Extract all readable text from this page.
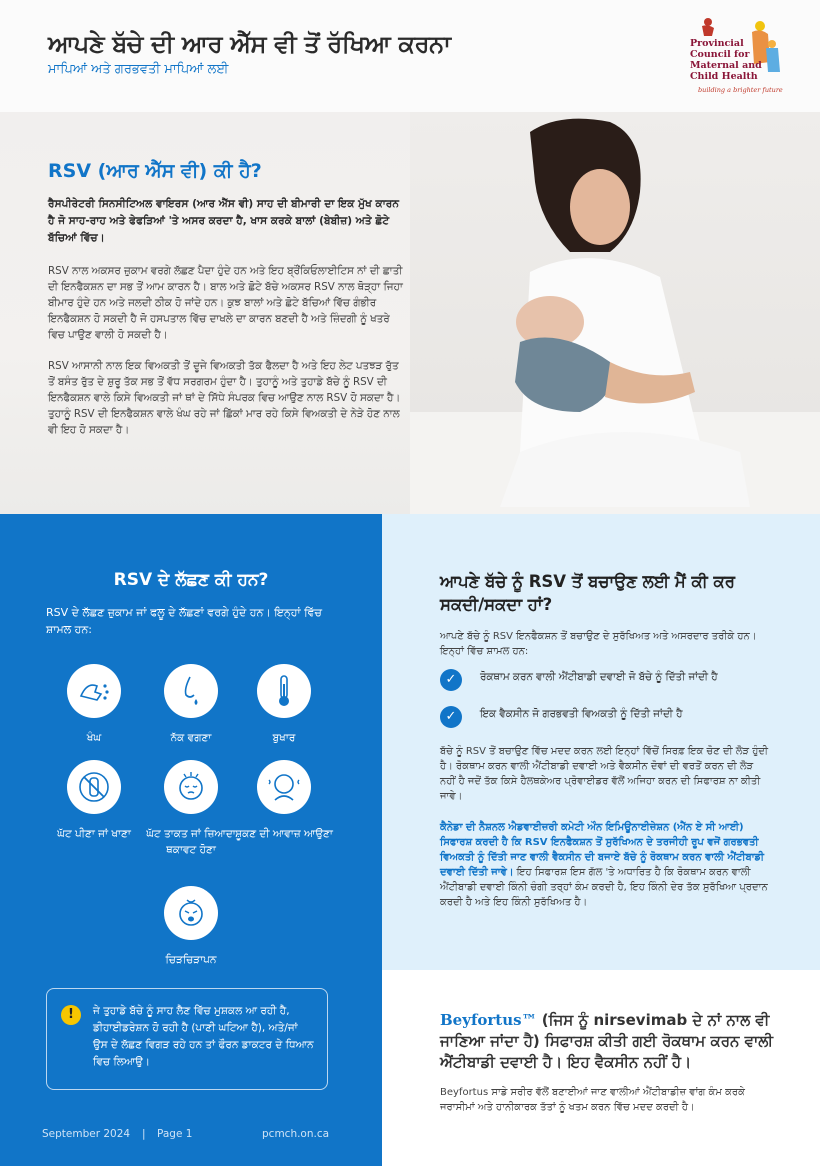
ਆਪਣੇ ਬੱਚੇ ਦੀ ਆਰ ਐੱਸ ਵੀ ਤੋਂ ਰੱਖਿਆ ਕਰਨਾ
ਮਾਪਿਆਂ ਅਤੇ ਗਰਭਵਤੀ ਮਾਪਿਆਂ ਲਈ
Provincial
Council for
Maternal and
Child Health
building a brighter future
RSV (ਆਰ ਐੱਸ ਵੀ) ਕੀ ਹੈ?

ਰੈਸਪੀਰੇਟਰੀ ਸਿਨਸੀਟਿਅਲ ਵਾਇਰਸ (ਆਰ ਐੱਸ ਵੀ) ਸਾਹ ਦੀ ਬੀਮਾਰੀ ਦਾ ਇਕ ਮੁੱਖ ਕਾਰਨ ਹੈ ਜੋ ਸਾਹ-ਰਾਹ ਅਤੇ ਫੇਫੜਿਆਂ 'ਤੇ ਅਸਰ ਕਰਦਾ ਹੈ, ਖਾਸ ਕਰਕੇ ਬਾਲਾਂ (ਬੇਬੀਜ਼) ਅਤੇ ਛੋਟੇ ਬੱਚਿਆਂ ਵਿੱਚ।

RSV ਨਾਲ ਅਕਸਰ ਜ਼ੁਕਾਮ ਵਰਗੇ ਲੱਛਣ ਪੈਦਾ ਹੁੰਦੇ ਹਨ ਅਤੇ ਇਹ ਬ੍ਰੌਂਕਿਓਲਾਈਟਿਸ ਨਾਂ ਦੀ ਛਾਤੀ ਦੀ ਇਨਫੈਕਸ਼ਨ ਦਾ ਸਭ ਤੋਂ ਆਮ ਕਾਰਨ ਹੈ। ਬਾਲ ਅਤੇ ਛੋਟੇ ਬੱਚੇ ਅਕਸਰ RSV ਨਾਲ ਥੋੜ੍ਹਾ ਜਿਹਾ ਬੀਮਾਰ ਹੁੰਦੇ ਹਨ ਅਤੇ ਜਲਦੀ ਠੀਕ ਹੋ ਜਾਂਦੇ ਹਨ। ਕੁਝ ਬਾਲਾਂ ਅਤੇ ਛੋਟੇ ਬੱਚਿਆਂ ਵਿੱਚ ਗੰਭੀਰ ਇਨਫੈਕਸ਼ਨ ਹੋ ਸਕਦੀ ਹੈ ਜੋ ਹਸਪਤਾਲ ਵਿੱਚ ਦਾਖਲੇ ਦਾ ਕਾਰਨ ਬਣਦੀ ਹੈ ਅਤੇ ਜ਼ਿੰਦਗੀ ਨੂੰ ਖਤਰੇ ਵਿਚ ਪਾਉਣ ਵਾਲੀ ਹੋ ਸਕਦੀ ਹੈ।

RSV ਆਸਾਨੀ ਨਾਲ ਇਕ ਵਿਅਕਤੀ ਤੋਂ ਦੂਜੇ ਵਿਅਕਤੀ ਤੱਕ ਫੈਲਦਾ ਹੈ ਅਤੇ ਇਹ ਲੇਟ ਪਤਝੜ ਰੁੱਤ ਤੋਂ ਬਸੰਤ ਰੁੱਤ ਦੇ ਸ਼ੁਰੂ ਤੱਕ ਸਭ ਤੋਂ ਵੱਧ ਸਰਗਰਮ ਹੁੰਦਾ ਹੈ। ਤੁਹਾਨੂੰ ਅਤੇ ਤੁਹਾਡੇ ਬੱਚੇ ਨੂੰ RSV ਦੀ ਇਨਫੈਕਸ਼ਨ ਵਾਲੇ ਕਿਸੇ ਵਿਅਕਤੀ ਜਾਂ ਥਾਂ ਦੇ ਸਿੱਧੇ ਸੰਪਰਕ ਵਿਚ ਆਉਣ ਨਾਲ RSV ਹੋ ਸਕਦਾ ਹੈ। ਤੁਹਾਨੂੰ RSV ਦੀ ਇਨਫੈਕਸ਼ਨ ਵਾਲੇ ਖੰਘ ਰਹੇ ਜਾਂ ਛਿੱਕਾਂ ਮਾਰ ਰਹੇ ਕਿਸੇ ਵਿਅਕਤੀ ਦੇ ਨੇੜੇ ਹੋਣ ਨਾਲ ਵੀ ਇਹ ਹੋ ਸਕਦਾ ਹੈ।

RSV ਦੇ ਲੱਛਣ ਕੀ ਹਨ?
RSV ਦੇ ਲੱਛਣ ਜ਼ੁਕਾਮ ਜਾਂ ਫਲੂ ਦੇ ਲੱਛਣਾਂ ਵਰਗੇ ਹੁੰਦੇ ਹਨ। ਇਨ੍ਹਾਂ ਵਿੱਚ ਸ਼ਾਮਲ ਹਨ:
ਖੰਘ	ਨੱਕ ਵਗਣਾ	ਬੁਖਾਰ
ਘੱਟ ਪੀਣਾ ਜਾਂ ਖਾਣਾ	ਘੱਟ ਤਾਕਤ ਜਾਂ ਜ਼ਿਆਦਾ ਥਕਾਵਟ ਹੋਣਾ
ਸ਼ੂਕਣ ਦੀ ਆਵਾਜ਼ ਆਉਣਾ
ਚਿੜਚਿੜਾਪਨ
!	ਜੇ ਤੁਹਾਡੇ ਬੱਚੇ ਨੂੰ ਸਾਹ ਲੈਣ ਵਿੱਚ ਮੁਸ਼ਕਲ ਆ ਰਹੀ ਹੈ, ਡੀਹਾਈਡਰੇਸ਼ਨ ਹੋ ਰਹੀ ਹੈ (ਪਾਣੀ ਘਟਿਆ ਹੈ), ਅਤੇ/ਜਾਂ ਉਸ ਦੇ ਲੱਛਣ ਵਿਗੜ ਰਹੇ ਹਨ ਤਾਂ ਫੌਰਨ ਡਾਕਟਰ ਦੇ ਧਿਆਨ ਵਿਚ ਲਿਆਉ।
September 2024 | Page 1	pcmch.on.ca
ਆਪਣੇ ਬੱਚੇ ਨੂੰ RSV ਤੋਂ ਬਚਾਉਣ ਲਈ ਮੈਂ ਕੀ ਕਰ ਸਕਦੀ/ਸਕਦਾ ਹਾਂ?
ਆਪਣੇ ਬੱਚੇ ਨੂੰ RSV ਇਨਫੈਕਸ਼ਨ ਤੋਂ ਬਚਾਉਣ ਦੇ ਸੁਰੱਖਿਅਤ ਅਤੇ ਅਸਰਦਾਰ ਤਰੀਕੇ ਹਨ। ਇਨ੍ਹਾਂ ਵਿੱਚ ਸ਼ਾਮਲ ਹਨ:
✓	ਰੋਕਥਾਮ ਕਰਨ ਵਾਲੀ ਐਂਟੀਬਾਡੀ ਦਵਾਈ ਜੋ ਬੱਚੇ ਨੂੰ ਦਿੱਤੀ ਜਾਂਦੀ ਹੈ
✓	ਇਕ ਵੈਕਸੀਨ ਜੋ ਗਰਭਵਤੀ ਵਿਅਕਤੀ ਨੂੰ ਦਿੱਤੀ ਜਾਂਦੀ ਹੈ
ਬੱਚੇ ਨੂੰ RSV ਤੋਂ ਬਚਾਉਣ ਵਿੱਚ ਮਦਦ ਕਰਨ ਲਈ ਇਨ੍ਹਾਂ ਵਿੱਚੋਂ ਸਿਰਫ਼ ਇਕ ਚੋਣ ਦੀ ਲੋੜ ਹੁੰਦੀ ਹੈ। ਰੋਕਥਾਮ ਕਰਨ ਵਾਲੀ ਐਂਟੀਬਾਡੀ ਦਵਾਈ ਅਤੇ ਵੈਕਸੀਨ ਦੋਵਾਂ ਦੀ ਵਰਤੋਂ ਕਰਨ ਦੀ ਲੋੜ ਨਹੀਂ ਹੈ ਜਦੋਂ ਤੱਕ ਕਿਸੇ ਹੈਲਥਕੇਅਰ ਪ੍ਰੋਵਾਈਡਰ ਵੱਲੋਂ ਅਜਿਹਾ ਕਰਨ ਦੀ ਸਿਫਾਰਸ਼ ਨਾ ਕੀਤੀ ਜਾਵੇ।
ਕੈਨੇਡਾ ਦੀ ਨੈਸ਼ਨਲ ਐਡਵਾਈਜ਼ਰੀ ਕਮੇਟੀ ਔਨ ਇਮਿਊਨਾਈਜ਼ੇਸ਼ਨ (ਐੱਨ ਏ ਸੀ ਆਈ) ਸਿਫਾਰਸ਼ ਕਰਦੀ ਹੈ ਕਿ RSV ਇਨਫੈਕਸ਼ਨ ਤੋਂ ਸੁਰੱਖਿਅਨ ਦੇ ਤਰਜੀਹੀ ਰੂਪ ਵਜੋਂ ਗਰਭਵਤੀ ਵਿਅਕਤੀ ਨੂੰ ਦਿੱਤੀ ਜਾਣ ਵਾਲੀ ਵੈਕਸੀਨ ਦੀ ਬਜਾਏ ਬੱਚੇ ਨੂੰ ਰੋਕਥਾਮ ਕਰਨ ਵਾਲੀ ਐਂਟੀਬਾਡੀ ਦਵਾਈ ਦਿੱਤੀ ਜਾਵੇ। ਇਹ ਸਿਫਾਰਸ਼ ਇਸ ਗੱਲ 'ਤੇ ਅਧਾਰਿਤ ਹੈ ਕਿ ਰੋਕਥਾਮ ਕਰਨ ਵਾਲੀ ਐਂਟੀਬਾਡੀ ਦਵਾਈ ਕਿੰਨੀ ਚੰਗੀ ਤਰ੍ਹਾਂ ਕੰਮ ਕਰਦੀ ਹੈ, ਇਹ ਕਿੰਨੀ ਦੇਰ ਤੱਕ ਸੁਰੱਖਿਆ ਪ੍ਰਦਾਨ ਕਰਦੀ ਹੈ ਅਤੇ ਇਹ ਕਿੰਨੀ ਸੁਰੱਖਿਅਤ ਹੈ।
Beyfortus™ (ਜਿਸ ਨੂੰ nirsevimab ਦੇ ਨਾਂ ਨਾਲ ਵੀ ਜਾਣਿਆ ਜਾਂਦਾ ਹੈ) ਸਿਫਾਰਸ਼ ਕੀਤੀ ਗਈ ਰੋਕਥਾਮ ਕਰਨ ਵਾਲੀ ਐਂਟੀਬਾਡੀ ਦਵਾਈ ਹੈ। ਇਹ ਵੈਕਸੀਨ ਨਹੀਂ ਹੈ।
Beyfortus ਸਾਡੇ ਸਰੀਰ ਵੱਲੋਂ ਬਣਾਈਆਂ ਜਾਣ ਵਾਲੀਆਂ ਐਂਟੀਬਾਡੀਜ਼ ਵਾਂਗ ਕੰਮ ਕਰਕੇ ਜਰਾਸੀਮਾਂ ਅਤੇ ਹਾਨੀਕਾਰਕ ਤੱਤਾਂ ਨੂੰ ਖਤਮ ਕਰਨ ਵਿੱਚ ਮਦਦ ਕਰਦੀ ਹੈ।
